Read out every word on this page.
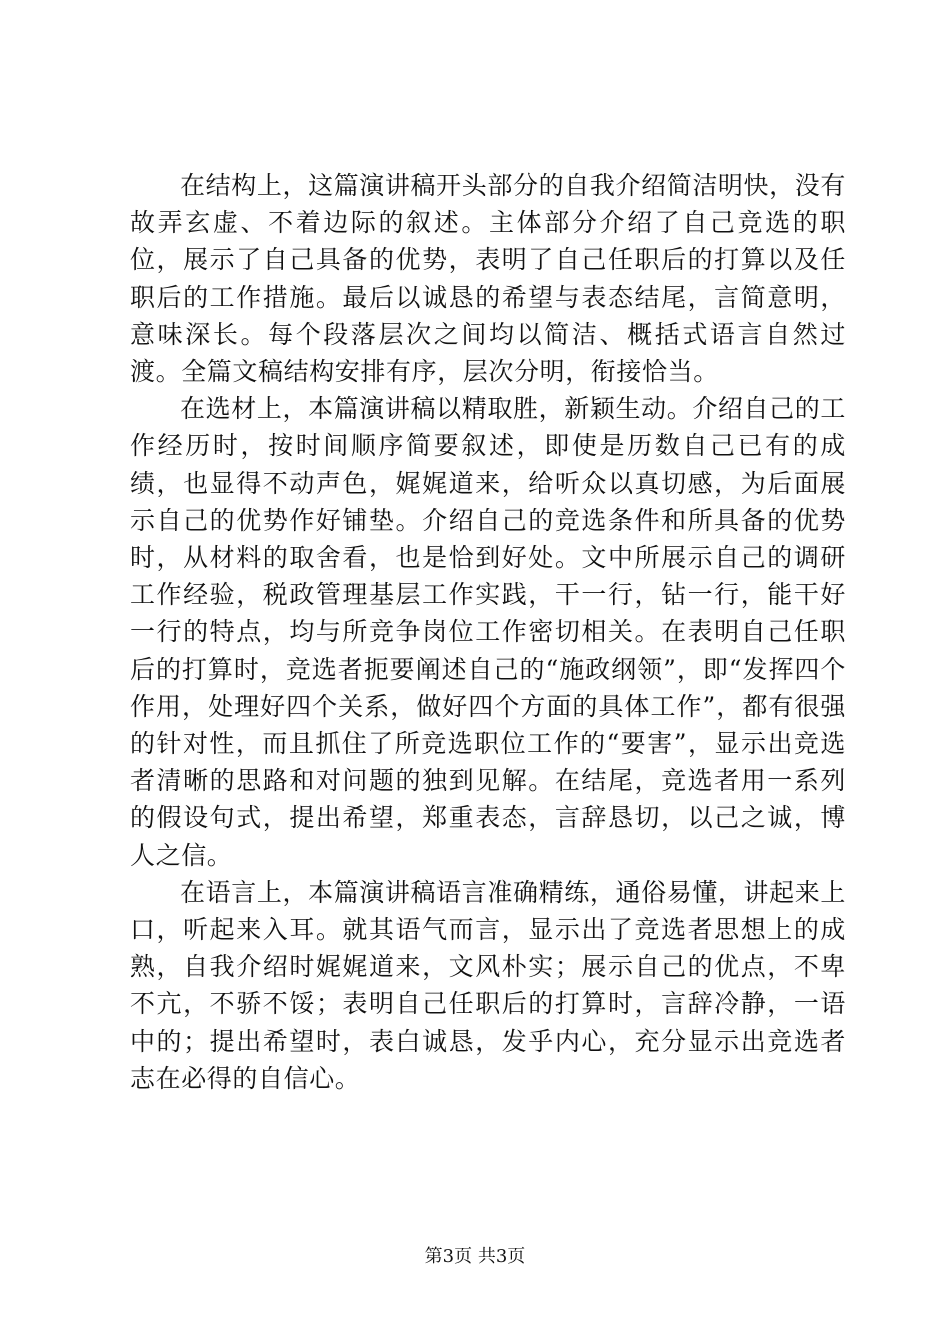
在结构上，这篇演讲稿开头部分的自我介绍简洁明快，没有故弄玄虚、不着边际的叙述。主体部分介绍了自己竞选的职位，展示了自己具备的优势，表明了自己任职后的打算以及任职后的工作措施。最后以诚恳的希望与表态结尾，言简意明，意味深长。每个段落层次之间均以简洁、概括式语言自然过渡。全篇文稿结构安排有序，层次分明，衔接恰当。

在选材上，本篇演讲稿以精取胜，新颖生动。介绍自己的工作经历时，按时间顺序简要叙述，即使是历数自己已有的成绩，也显得不动声色，娓娓道来，给听众以真切感，为后面展示自己的优势作好铺垫。介绍自己的竞选条件和所具备的优势时，从材料的取舍看，也是恰到好处。文中所展示自己的调研工作经验，税政管理基层工作实践，干一行，钻一行，能干好一行的特点，均与所竞争岗位工作密切相关。在表明自己任职后的打算时，竞选者扼要阐述自己的“施政纲领”，即“发挥四个作用，处理好四个关系，做好四个方面的具体工作”，都有很强的针对性，而且抓住了所竞选职位工作的“要害”，显示出竞选者清晰的思路和对问题的独到见解。在结尾，竞选者用一系列的假设句式，提出希望，郑重表态，言辞恳切，以己之诚，博人之信。

在语言上，本篇演讲稿语言准确精练，通俗易懂，讲起来上口，听起来入耳。就其语气而言，显示出了竞选者思想上的成熟，自我介绍时娓娓道来，文风朴实；展示自己的优点，不卑不亢，不骄不馁；表明自己任职后的打算时，言辞冷静，一语中的；提出希望时，表白诚恳，发乎内心，充分显示出竞选者志在必得的自信心。

第3页 共3页
